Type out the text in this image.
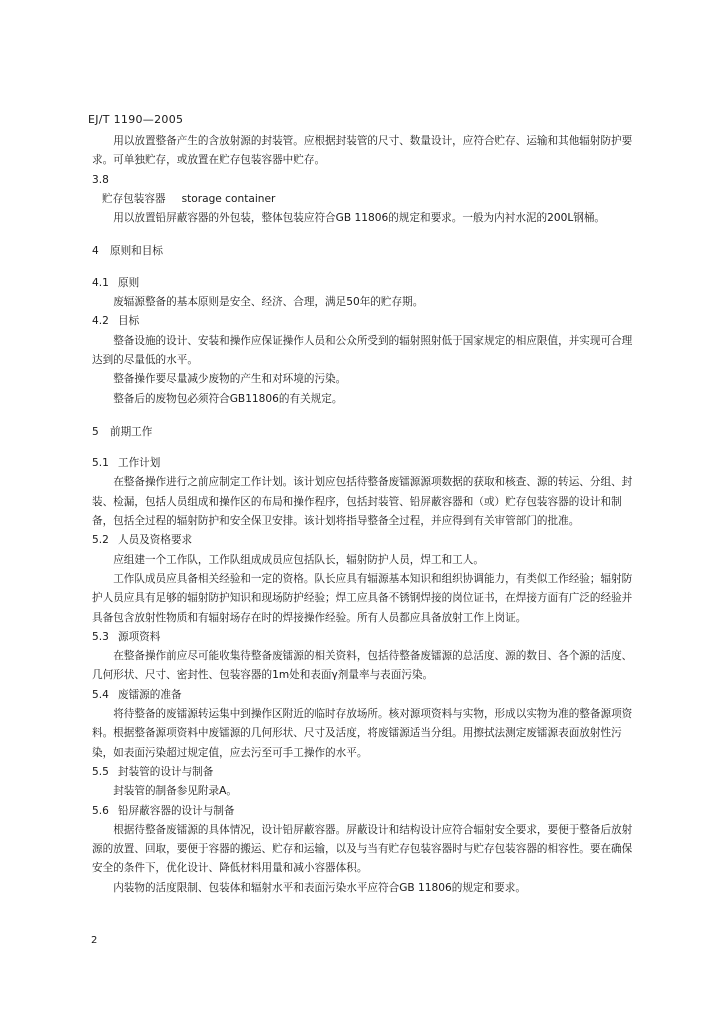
EJ/T 1190—2005

用以放置整备产生的含放射源的封装管。应根据封装管的尺寸、数量设计，应符合贮存、运输和其他辐射防护要求。可单独贮存，或放置在贮存包装容器中贮存。

3.8

贮存包装容器 storage container

用以放置铅屏蔽容器的外包装，整体包装应符合GB 11806的规定和要求。一般为内衬水泥的200L钢桶。

4 原则和目标

4.1 原则

废辐源整备的基本原则是安全、经济、合理，满足50年的贮存期。

4.2 目标

整备设施的设计、安装和操作应保证操作人员和公众所受到的辐射照射低于国家规定的相应限值，并实现可合理达到的尽量低的水平。

整备操作要尽量减少废物的产生和对环境的污染。

整备后的废物包必须符合GB11806的有关规定。

5 前期工作

5.1 工作计划

在整备操作进行之前应制定工作计划。该计划应包括待整备废镭源源项数据的获取和核查、源的转运、分组、封装、检漏，包括人员组成和操作区的布局和操作程序，包括封装管、铅屏蔽容器和（或）贮存包装容器的设计和制备，包括全过程的辐射防护和安全保卫安排。该计划将指导整备全过程，并应得到有关审管部门的批准。

5.2 人员及资格要求

应组建一个工作队，工作队组成成员应包括队长，辐射防护人员，焊工和工人。

工作队成员应具备相关经验和一定的资格。队长应具有辐源基本知识和组织协调能力，有类似工作经验；辐射防护人员应具有足够的辐射防护知识和现场防护经验；焊工应具备不锈钢焊接的岗位证书，在焊接方面有广泛的经验并具备包含放射性物质和有辐射场存在时的焊接操作经验。所有人员都应具备放射工作上岗证。

5.3 源项资料

在整备操作前应尽可能收集待整备废镭源的相关资料，包括待整备废镭源的总活度、源的数目、各个源的活度、几何形状、尺寸、密封性、包装容器的1m处和表面γ剂量率与表面污染。

5.4 废镭源的准备

将待整备的废镭源转运集中到操作区附近的临时存放场所。核对源项资料与实物，形成以实物为准的整备源项资料。根据整备源项资料中废镭源的几何形状、尺寸及活度，将废镭源适当分组。用擦拭法测定废镭源表面放射性污染，如表面污染超过规定值，应去污至可手工操作的水平。

5.5 封装管的设计与制备

封装管的制备参见附录A。

5.6 铅屏蔽容器的设计与制备

根据待整备废镭源的具体情况，设计铅屏蔽容器。屏蔽设计和结构设计应符合辐射安全要求，要便于整备后放射源的放置、回取，要便于容器的搬运、贮存和运输，以及与当有贮存包装容器时与贮存包装容器的相容性。要在确保安全的条件下，优化设计、降低材料用量和减小容器体积。

内装物的活度限制、包装体和辐射水平和表面污染水平应符合GB 11806的规定和要求。

2
